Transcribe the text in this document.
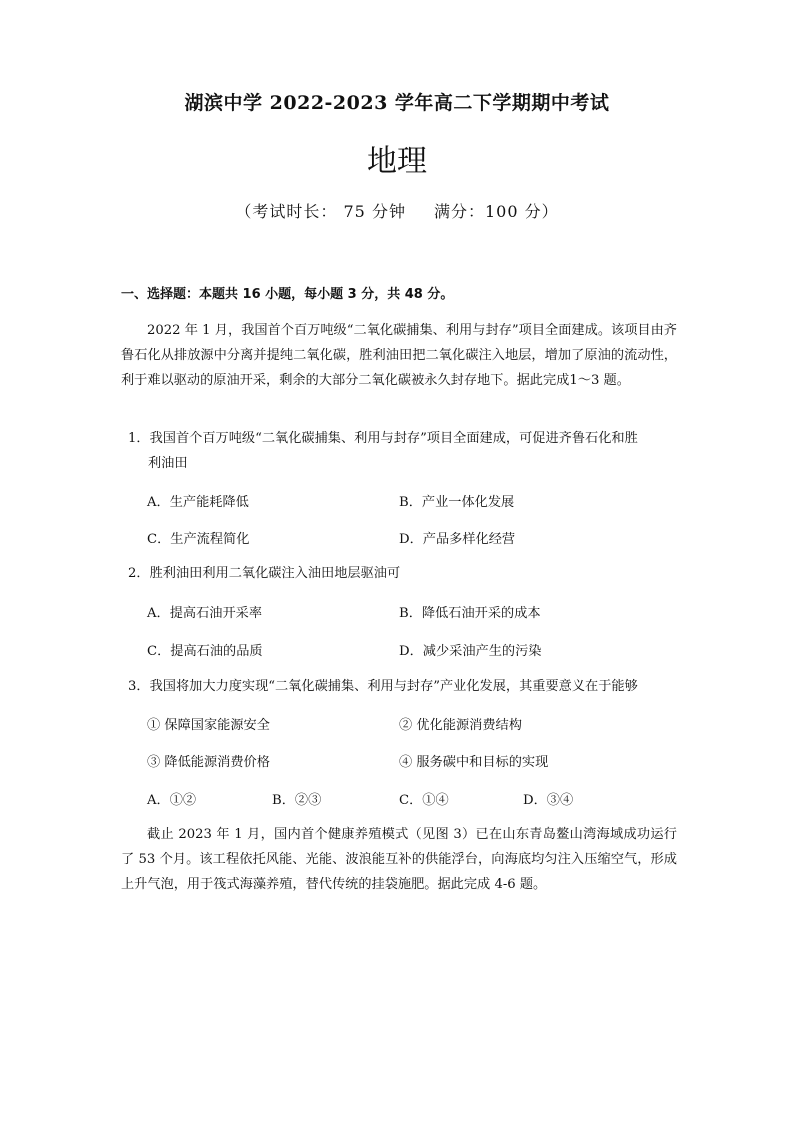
湖滨中学 2022-2023 学年高二下学期期中考试
地理
（考试时长： 75 分钟 满分：100 分）
一、选择题：本题共 16 小题，每小题 3 分，共 48 分。
2022 年 1 月，我国首个百万吨级“二氧化碳捕集、利用与封存”项目全面建成。该项目由齐鲁石化从排放源中分离并提纯二氧化碳，胜利油田把二氧化碳注入地层，增加了原油的流动性，利于难以驱动的原油开采，剩余的大部分二氧化碳被永久封存地下。据此完成1～3 题。
1．我国首个百万吨级“二氧化碳捕集、利用与封存”项目全面建成，可促进齐鲁石化和胜
利油田
A．生产能耗降低	B．产业一体化发展
C．生产流程简化	D．产品多样化经营
2．胜利油田利用二氧化碳注入油田地层驱油可
A．提高石油开采率	B．降低石油开采的成本
C．提高石油的品质	D．减少采油产生的污染
3．我国将加大力度实现“二氧化碳捕集、利用与封存”产业化发展，其重要意义在于能够
① 保障国家能源安全	② 优化能源消费结构
③ 降低能源消费价格	④ 服务碳中和目标的实现
A．①②	B．②③	C．①④	D．③④
截止 2023 年 1 月，国内首个健康养殖模式（见图 3）已在山东青岛鳌山湾海域成功运行了 53 个月。该工程依托风能、光能、波浪能互补的供能浮台，向海底均匀注入压缩空气，形成上升气泡，用于筏式海藻养殖，替代传统的挂袋施肥。据此完成 4-6 题。
